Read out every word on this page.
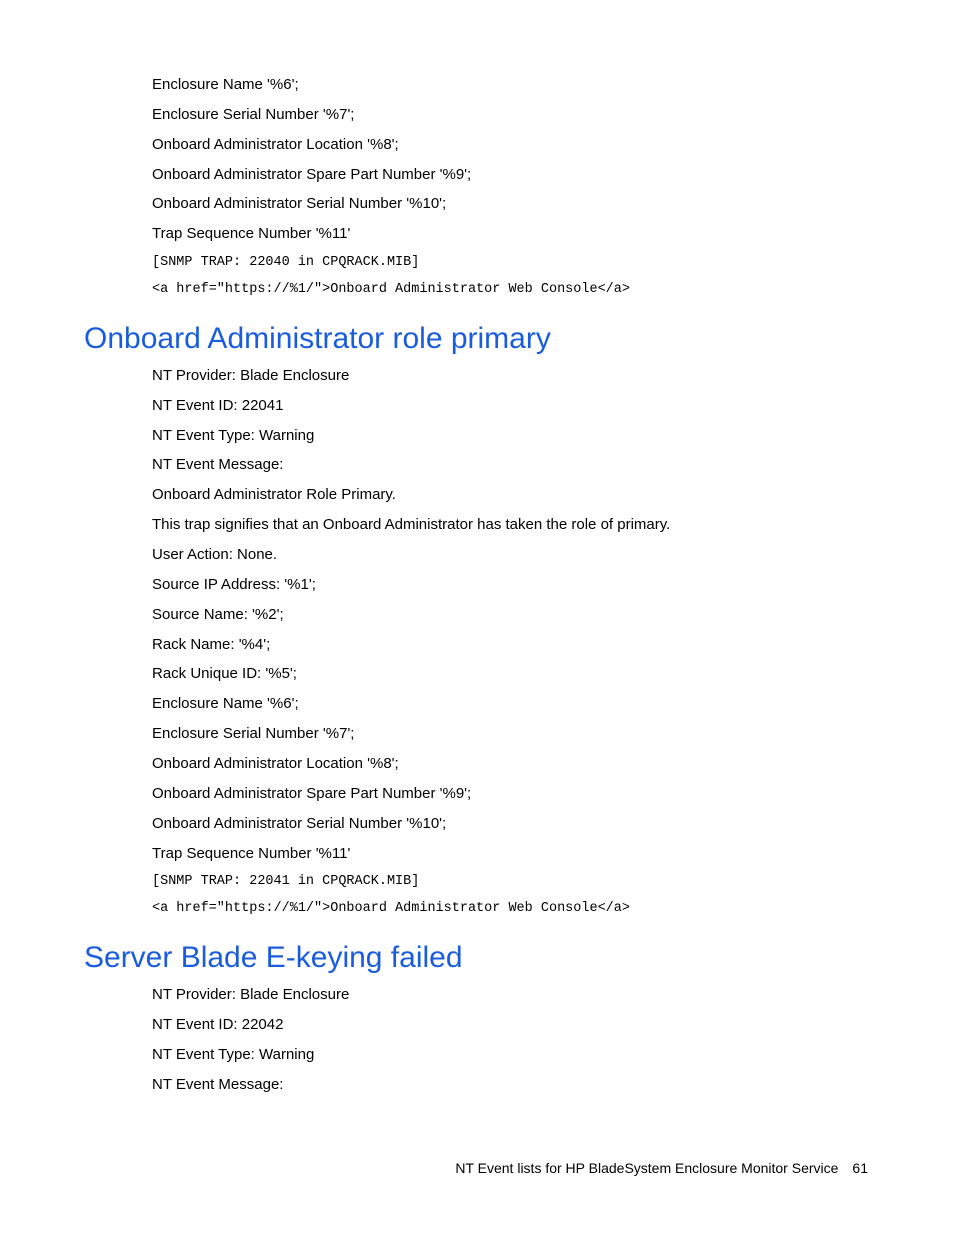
Enclosure Name '%6';
Enclosure Serial Number '%7';
Onboard Administrator Location '%8';
Onboard Administrator Spare Part Number '%9';
Onboard Administrator Serial Number '%10';
Trap Sequence Number '%11'
[SNMP TRAP: 22040 in CPQRACK.MIB]
<a href="https://%1/">Onboard Administrator Web Console</a>
Onboard Administrator role primary
NT Provider: Blade Enclosure
NT Event ID: 22041
NT Event Type: Warning
NT Event Message:
Onboard Administrator Role Primary.
This trap signifies that an Onboard Administrator has taken the role of primary.
User Action: None.
Source IP Address: '%1';
Source Name: '%2';
Rack Name: '%4';
Rack Unique ID: '%5';
Enclosure Name '%6';
Enclosure Serial Number '%7';
Onboard Administrator Location '%8';
Onboard Administrator Spare Part Number '%9';
Onboard Administrator Serial Number '%10';
Trap Sequence Number '%11'
[SNMP TRAP: 22041 in CPQRACK.MIB]
<a href="https://%1/">Onboard Administrator Web Console</a>
Server Blade E-keying failed
NT Provider: Blade Enclosure
NT Event ID: 22042
NT Event Type: Warning
NT Event Message:
NT Event lists for HP BladeSystem Enclosure Monitor Service 61
